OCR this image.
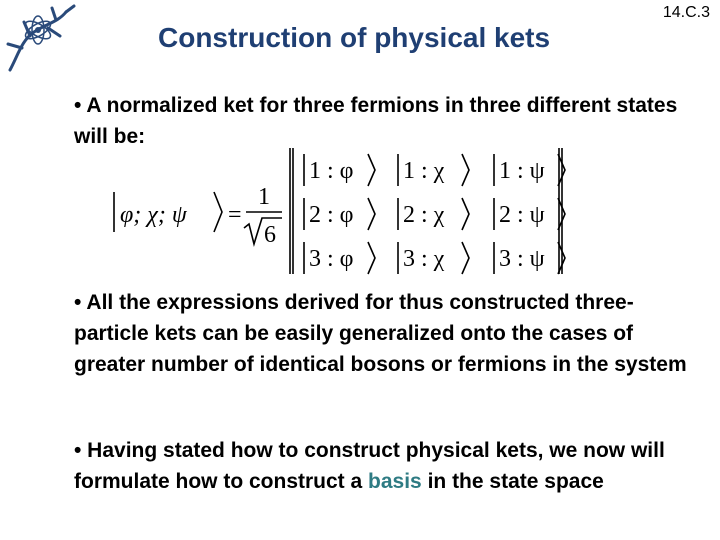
Construction of physical kets
14.C.3
• A normalized ket for three fermions in three different states will be:
φ; χ; ψ =
1
6
1 : φ 1 : χ 1 : ψ
2 : φ 2 : χ 2 : ψ
3 : φ 3 : χ 3 : ψ
• All the expressions derived for thus constructed three-particle kets can be easily generalized onto the cases of greater number of identical bosons or fermions in the system
• Having stated how to construct physical kets, we now will formulate how to construct a basis in the state space
